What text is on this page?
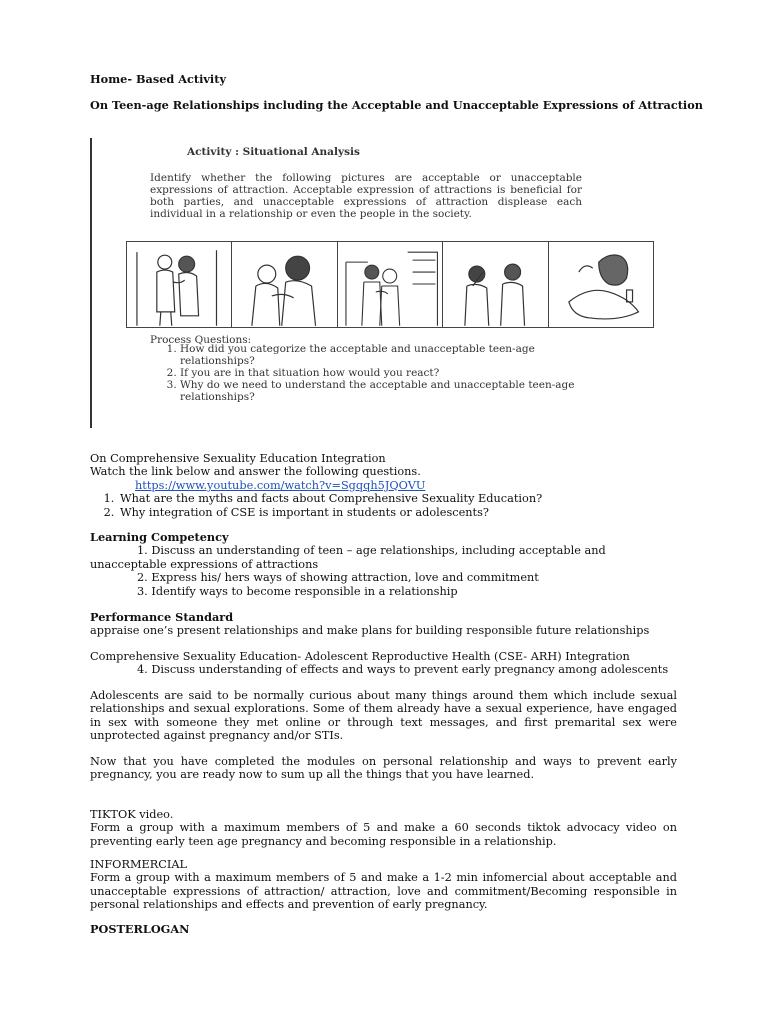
Home- Based Activity
On Teen-age Relationships including the Acceptable and Unacceptable Expressions of Attraction
Activity : Situational Analysis
Identify whether the following pictures are acceptable or unacceptable expressions of attraction. Acceptable expression of attractions is beneficial for both parties, and unacceptable expressions of attraction displease each individual in a relationship or even the people in the society.
Process Questions:
1. How did you categorize the acceptable and unacceptable teen-age relationships?
2. If you are in that situation how would you react?
3. Why do we need to understand the acceptable and unacceptable teen-age relationships?
On Comprehensive Sexuality Education Integration
Watch the link below and answer the following questions.
https://www.youtube.com/watch?v=Sgqqh5JQOVU
1. What are the myths and facts about Comprehensive Sexuality Education?
2. Why integration of CSE is important in students or adolescents?
Learning Competency
1. Discuss an understanding of teen – age relationships, including acceptable and
unacceptable expressions of attractions
2. Express his/ hers ways of showing attraction, love and commitment
3. Identify ways to become responsible in a relationship
Performance Standard
appraise one’s present relationships and make plans for building responsible future relationships
Comprehensive Sexuality Education- Adolescent Reproductive Health (CSE- ARH) Integration
4. Discuss understanding of effects and ways to prevent early pregnancy among adolescents
Adolescents are said to be normally curious about many things around them which include sexual relationships and sexual explorations. Some of them already have a sexual experience, have engaged in sex with someone they met online or through text messages, and first premarital sex were unprotected against pregnancy and/or STIs.
Now that you have completed the modules on personal relationship and ways to prevent early pregnancy, you are ready now to sum up all the things that you have learned.
TIKTOK video.
Form a group with a maximum members of 5 and make a 60 seconds tiktok advocacy video on preventing early teen age pregnancy and becoming responsible in a relationship.
INFORMERCIAL
Form a group with a maximum members of 5 and make a 1-2 min infomercial about acceptable and unacceptable expressions of attraction/ attraction, love and commitment/Becoming responsible in personal relationships and effects and prevention of early pregnancy.
POSTERLOGAN
